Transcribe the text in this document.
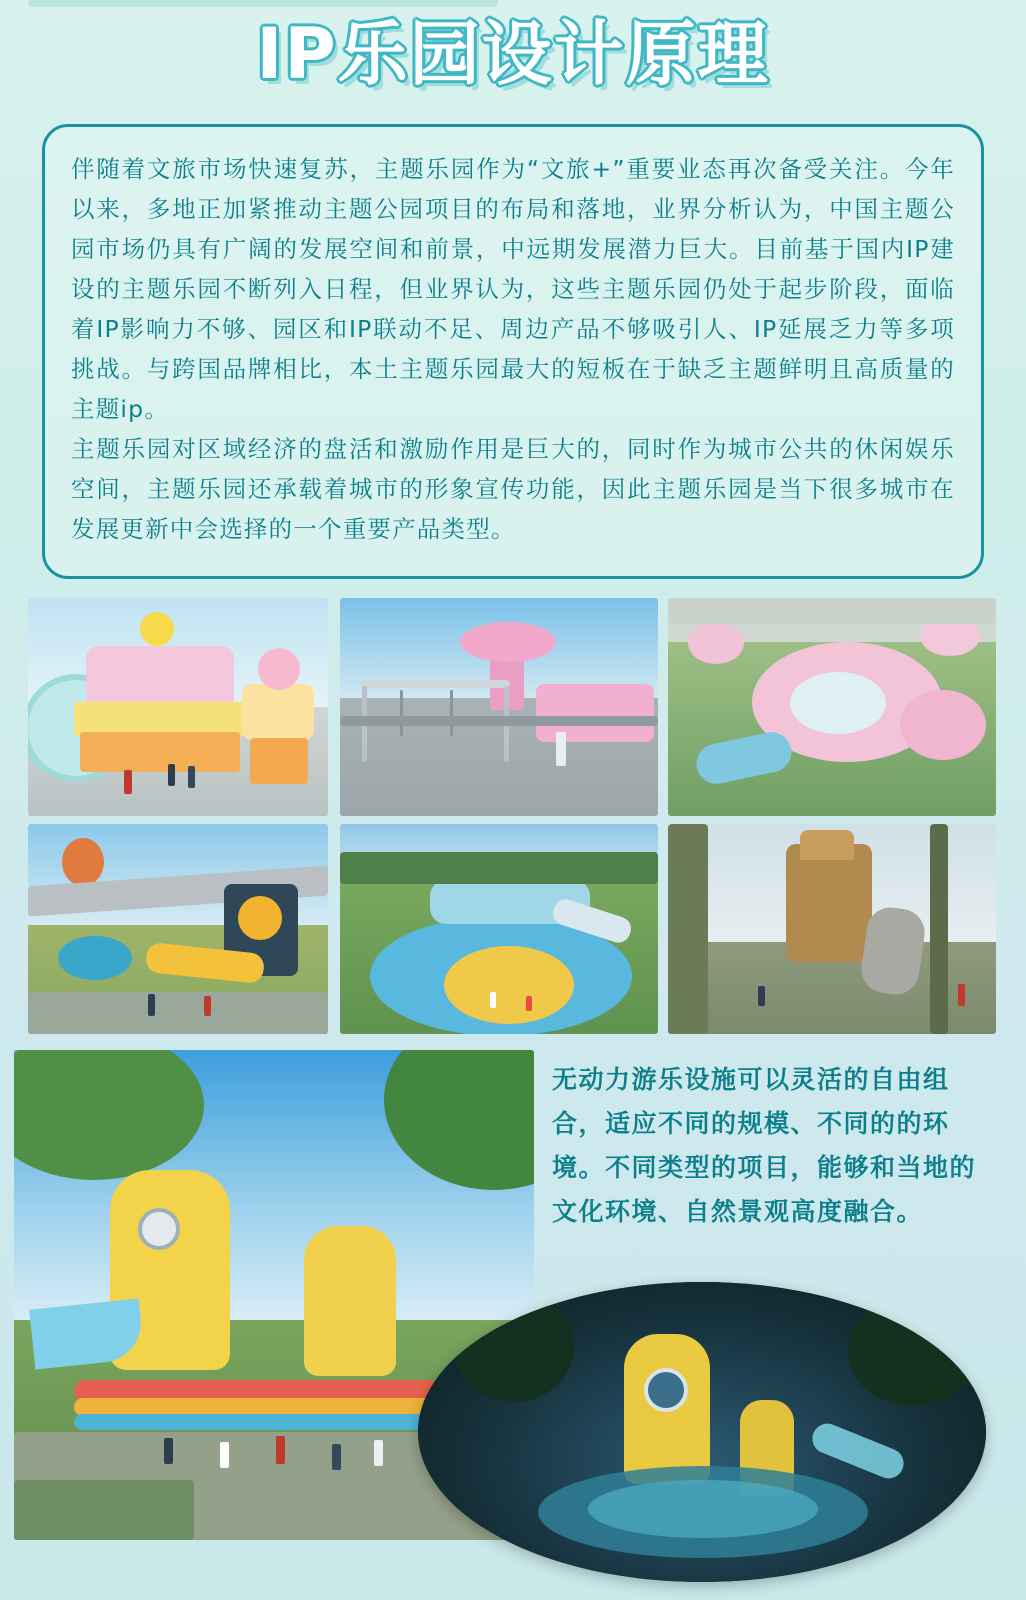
IP乐园设计原理

伴随着文旅市场快速复苏，主题乐园作为“文旅+”重要业态再次备受关注。今年以来，多地正加紧推动主题公园项目的布局和落地，业界分析认为，中国主题公园市场仍具有广阔的发展空间和前景，中远期发展潜力巨大。目前基于国内IP建设的主题乐园不断列入日程，但业界认为，这些主题乐园仍处于起步阶段，面临着IP影响力不够、园区和IP联动不足、周边产品不够吸引人、IP延展乏力等多项挑战。与跨国品牌相比，本土主题乐园最大的短板在于缺乏主题鲜明且高质量的主题ip。

主题乐园对区域经济的盘活和激励作用是巨大的，同时作为城市公共的休闲娱乐空间，主题乐园还承载着城市的形象宣传功能，因此主题乐园是当下很多城市在发展更新中会选择的一个重要产品类型。

无动力游乐设施可以灵活的自由组合，适应不同的规模、不同的的环境。不同类型的项目，能够和当地的文化环境、自然景观高度融合。
